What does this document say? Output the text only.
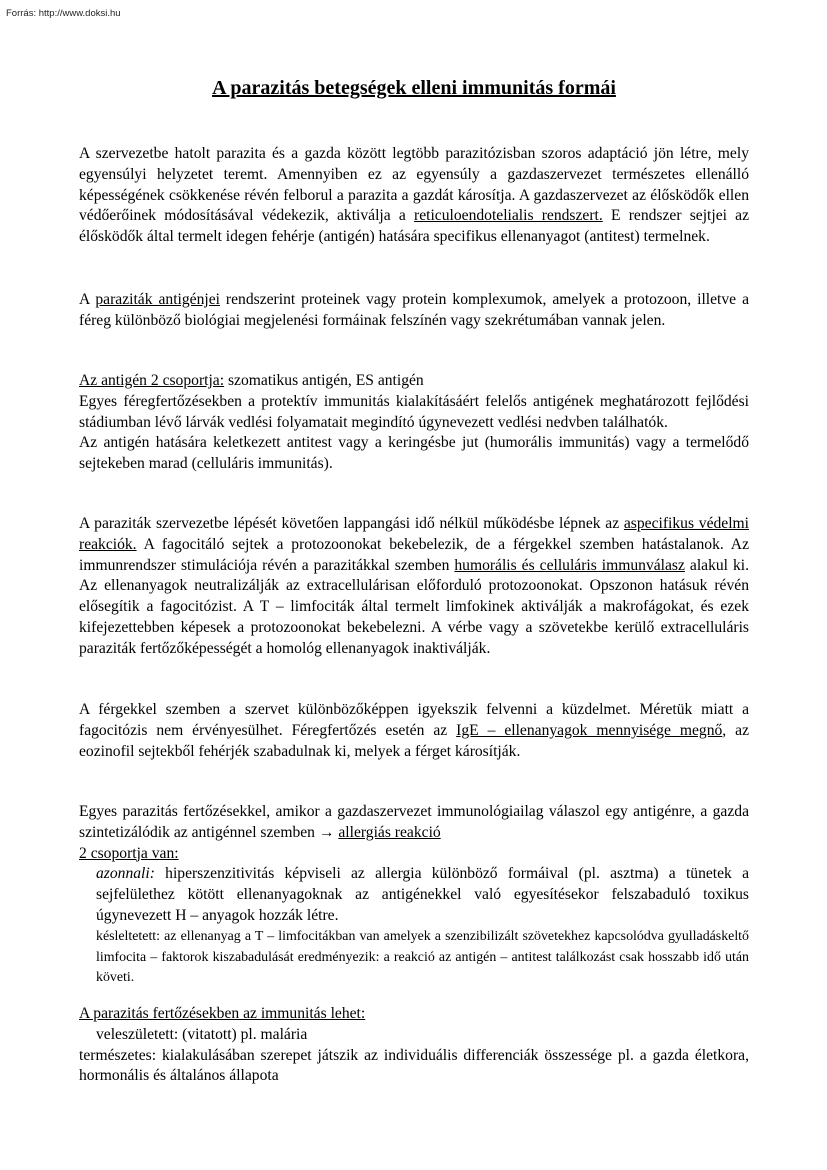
Forrás: http://www.doksi.hu
A parazitás betegségek elleni immunitás formái

A szervezetbe hatolt parazita és a gazda között legtöbb parazitózisban szoros adaptáció jön létre, mely egyensúlyi helyzetet teremt. Amennyiben ez az egyensúly a gazdaszervezet természetes ellenálló képességének csökkenése révén felborul a parazita a gazdát károsítja. A gazdaszervezet az élősködők ellen védőerőinek módosításával védekezik, aktiválja a reticuloendotelialis rendszert. E rendszer sejtjei az élősködők által termelt idegen fehérje (antigén) hatására specifikus ellenanyagot (antitest) termelnek.

A paraziták antigénjei rendszerint proteinek vagy protein komplexumok, amelyek a protozoon, illetve a féreg különböző biológiai megjelenési formáinak felszínén vagy szekrétumában vannak jelen.

Az antigén 2 csoportja: szomatikus antigén, ES antigén

Egyes féregfertőzésekben a protektív immunitás kialakításáért felelős antigének meghatározott fejlődési stádiumban lévő lárvák vedlési folyamatait megindító úgynevezett vedlési nedvben találhatók.

Az antigén hatására keletkezett antitest vagy a keringésbe jut (humorális immunitás) vagy a termelődő sejtekeben marad (celluláris immunitás).

A paraziták szervezetbe lépését követően lappangási idő nélkül működésbe lépnek az aspecifikus védelmi reakciók. A fagocitáló sejtek a protozoonokat bekebelezik, de a férgekkel szemben hatástalanok. Az immunrendszer stimulációja révén a parazitákkal szemben humorális és celluláris immunválasz alakul ki. Az ellenanyagok neutralizálják az extracellulárisan előforduló protozoonokat. Opszonon hatásuk révén elősegítik a fagocitózist. A T – limfociták által termelt limfokinek aktiválják a makrofágokat, és ezek kifejezettebben képesek a protozoonokat bekebelezni. A vérbe vagy a szövetekbe kerülő extracelluláris paraziták fertőzőképességét a homológ ellenanyagok inaktiválják.

A férgekkel szemben a szervet különbözőképpen igyekszik felvenni a küzdelmet. Méretük miatt a fagocitózis nem érvényesülhet. Féregfertőzés esetén az IgE – ellenanyagok mennyisége megnő, az eozinofil sejtekből fehérjék szabadulnak ki, melyek a férget károsítják.

Egyes parazitás fertőzésekkel, amikor a gazdaszervezet immunológiailag válaszol egy antigénre, a gazda szintetizálódik az antigénnel szemben → allergiás reakció

2 csoportja van:

azonnali: hiperszenzitivitás képviseli az allergia különböző formáival (pl. asztma) a tünetek a sejfelülethez kötött ellenanyagoknak az antigénekkel való egyesítésekor felszabaduló toxikus úgynevezett H – anyagok hozzák létre.
késleltetett: az ellenanyag a T – limfocitákban van amelyek a szenzibilizált szövetekhez kapcsolódva gyulladáskeltő limfocita – faktorok kiszabadulását eredményezik: a reakció az antigén – antitest találkozást csak hosszabb idő után követi.

A parazitás fertőzésekben az immunitás lehet:

veleszületett: (vitatott) pl. malária

természetes: kialakulásában szerepet játszik az individuális differenciák összessége pl. a gazda életkora, hormonális és általános állapota
